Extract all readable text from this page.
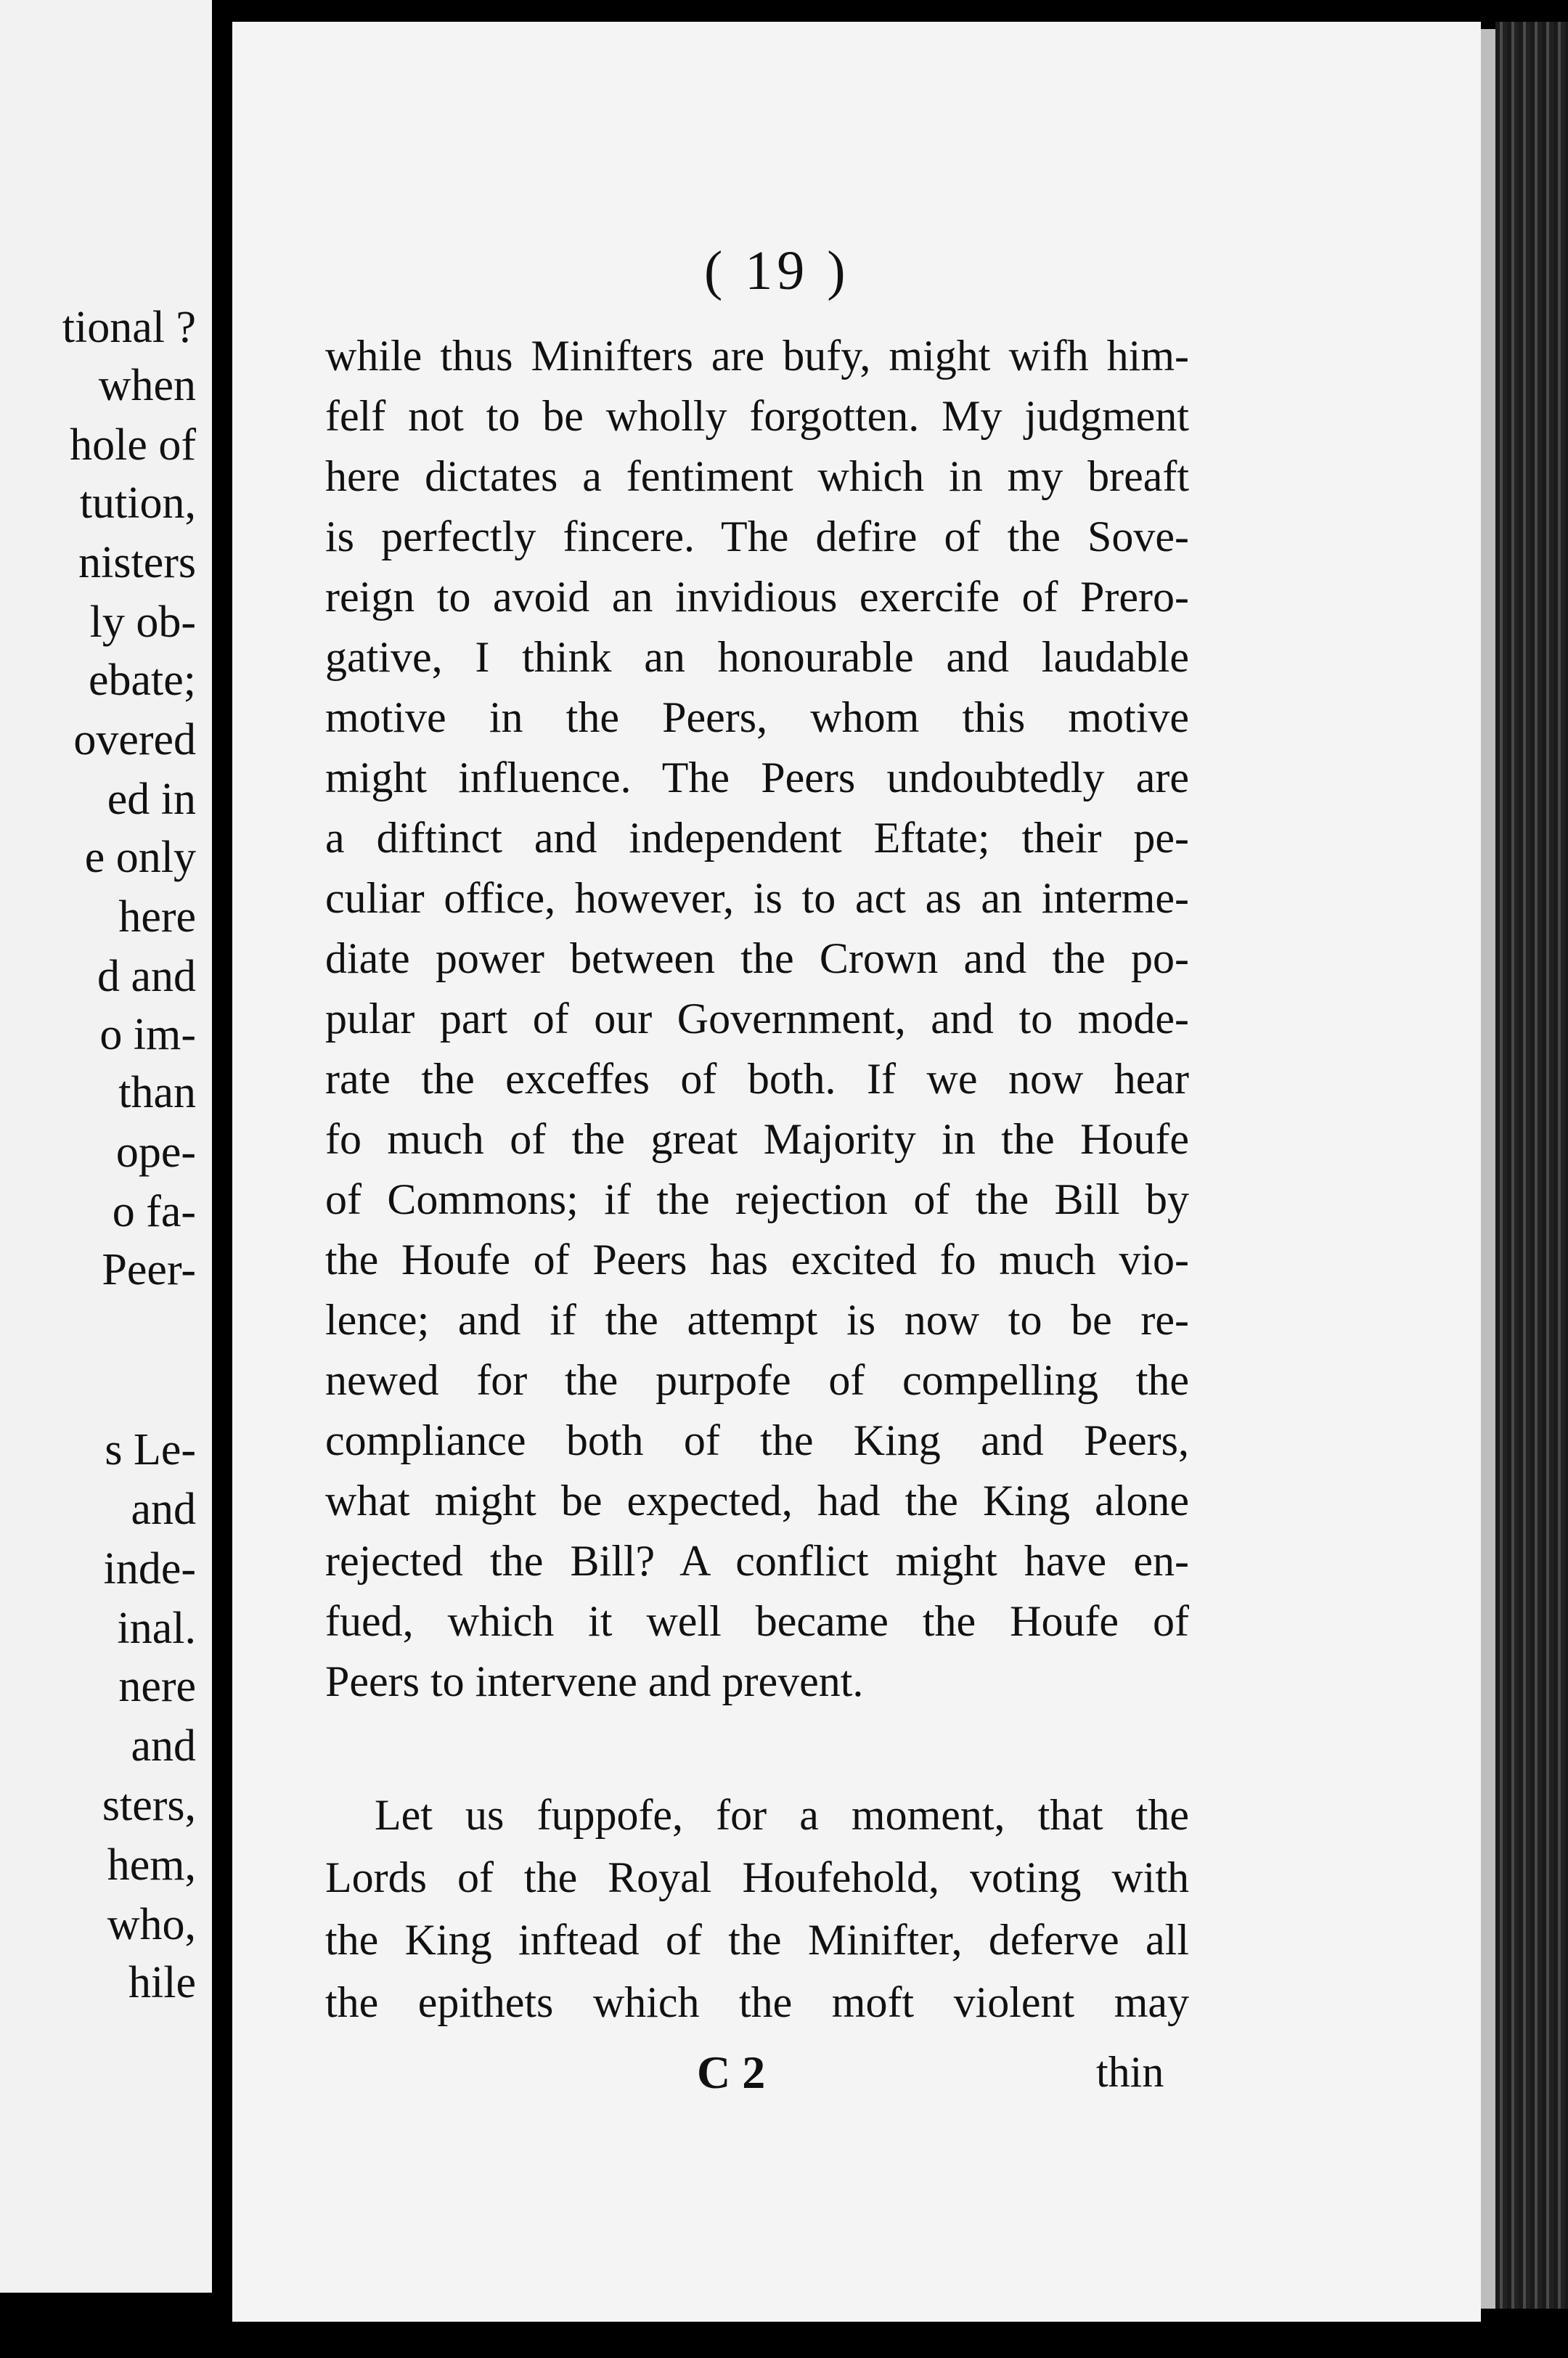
tional ?
when
hole of
tution,
nisters
ly ob-
ebate;
overed
ed in
e only
here
d and
o im-
than
ope-
o fa-
Peer-
s Le-
and
inde-
inal.
nere
and
sters,
hem,
who,
hile
( 19 )
C 2	thin
while thus Minifters are bufy, might wifh him-
felf not to be wholly forgotten. My judgment
here dictates a fentiment which in my breaft
is perfectly fincere. The defire of the Sove-
reign to avoid an invidious exercife of Prero-
gative, I think an honourable and laudable
motive in the Peers, whom this motive
might influence. The Peers undoubtedly are
a diftinct and independent Eftate; their pe-
culiar office, however, is to act as an interme-
diate power between the Crown and the po-
pular part of our Government, and to mode-
rate the exceffes of both. If we now hear
fo much of the great Majority in the Houfe
of Commons; if the rejection of the Bill by
the Houfe of Peers has excited fo much vio-
lence; and if the attempt is now to be re-
newed for the purpofe of compelling the
compliance both of the King and Peers,
what might be expected, had the King alone
rejected the Bill? A conflict might have en-
fued, which it well became the Houfe of
Peers to intervene and prevent.
Let us fuppofe, for a moment, that the
Lords of the Royal Houfehold, voting with
the King inftead of the Minifter, deferve all
the epithets which the moft violent may
